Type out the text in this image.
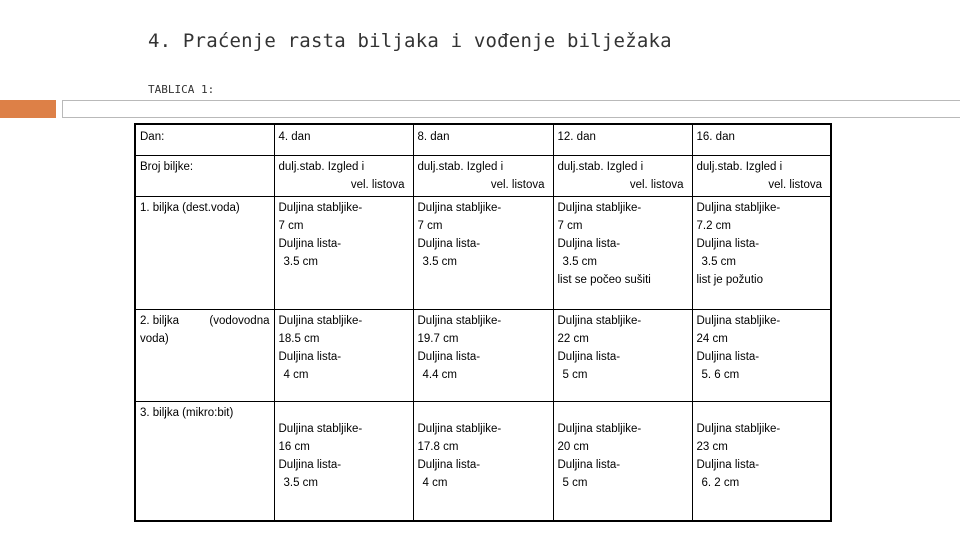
4. Praćenje rasta biljaka i vođenje bilježaka
TABLICA 1:
Dan:	4. dan	8. dan	12. dan	16. dan
Broj biljke:	dulj.stab. Izgled i
vel. listova	dulj.stab. Izgled i
vel. listova	dulj.stab. Izgled i
vel. listova	dulj.stab. Izgled i
vel. listova

1. biljka (dest.voda)	Duljina stabljike-
7 cm
Duljina lista-
3.5 cm	Duljina stabljike-
7 cm
Duljina lista-
3.5 cm	Duljina stabljike-
7 cm
Duljina lista-
3.5 cm
list se počeo sušiti	Duljina stabljike-
7.2 cm
Duljina lista-
3.5 cm
list je požutio

2. biljka (vodovodna
voda)	Duljina stabljike-
18.5 cm
Duljina lista-
4 cm	Duljina stabljike-
19.7 cm
Duljina lista-
4.4 cm	Duljina stabljike-
22 cm
Duljina lista-
5 cm	Duljina stabljike-
24 cm
Duljina lista-
5. 6 cm

3. biljka (mikro:bit)	Duljina stabljike-
16 cm
Duljina lista-
3.5 cm	Duljina stabljike-
17.8 cm
Duljina lista-
4 cm	Duljina stabljike-
20 cm
Duljina lista-
5 cm	Duljina stabljike-
23 cm
Duljina lista-
6. 2 cm
